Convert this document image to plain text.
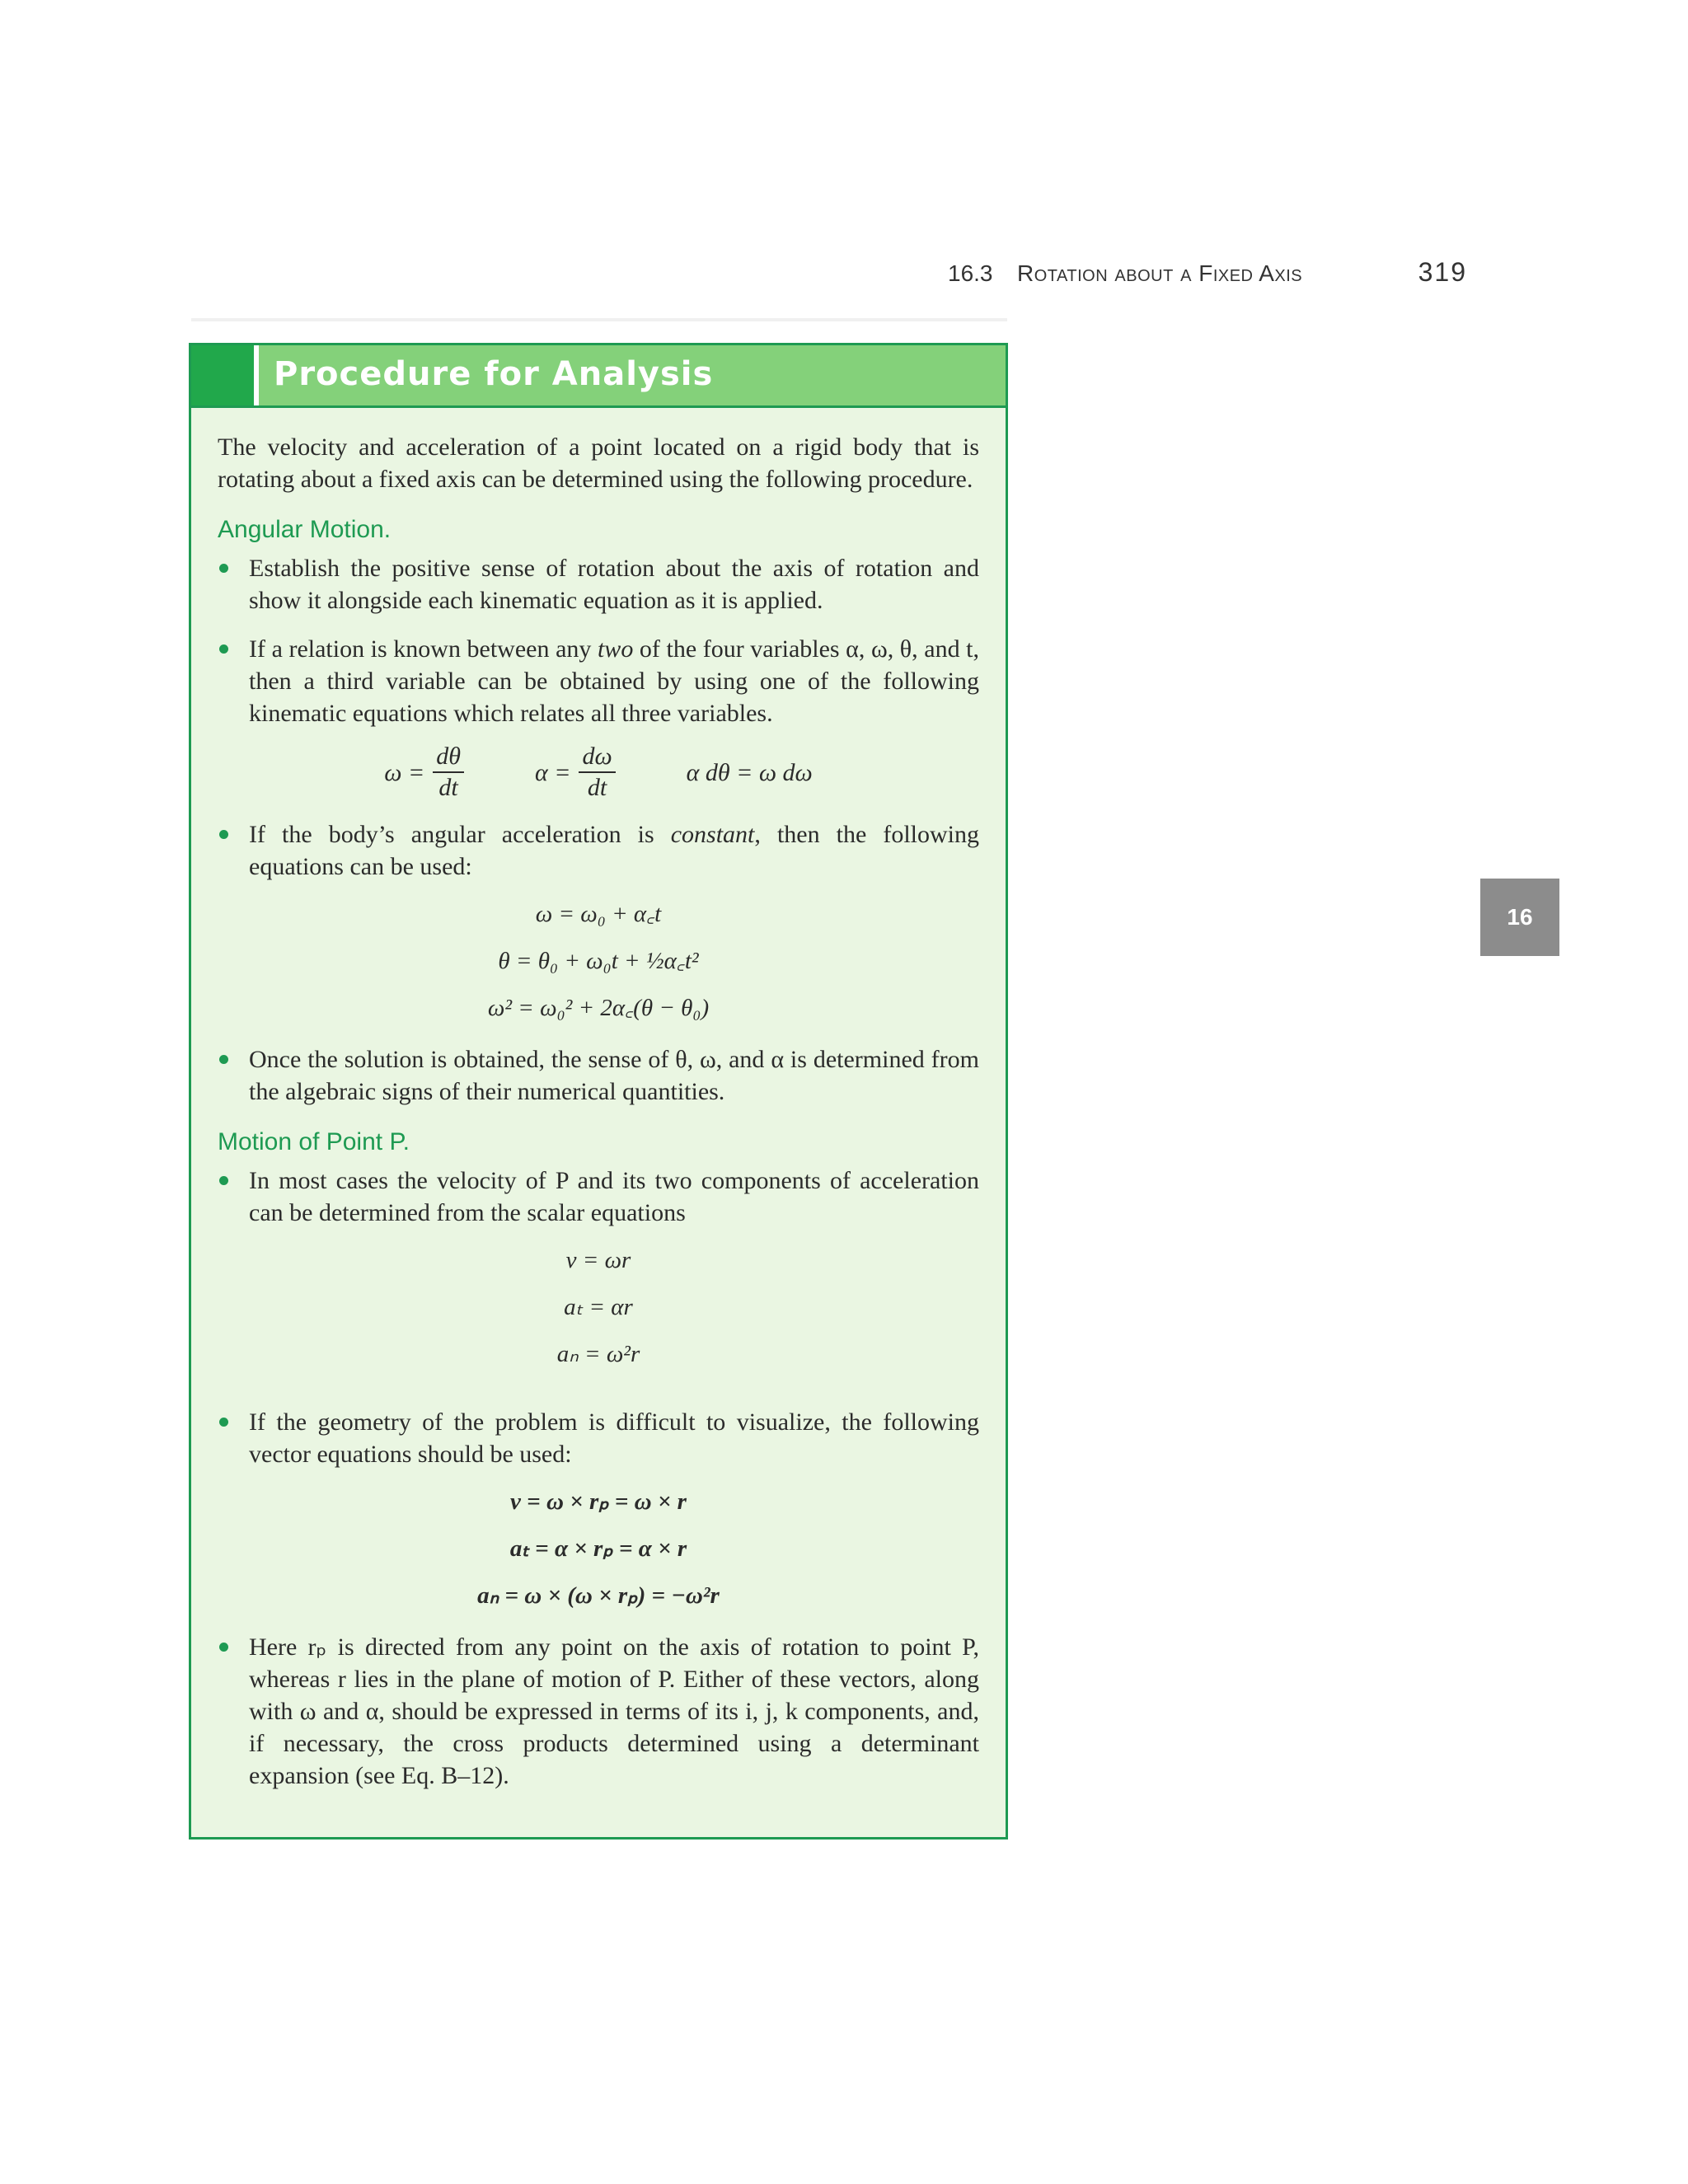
16.3 Rotation about a Fixed Axis	319
16
Procedure for Analysis

The velocity and acceleration of a point located on a rigid body that is rotating about a fixed axis can be determined using the following procedure.

Angular Motion.

Establish the positive sense of rotation about the axis of rotation and show it alongside each kinematic equation as it is applied.

If a relation is known between any two of the four variables α, ω, θ, and t, then a third variable can be obtained by using one of the following kinematic equations which relates all three variables.

$\omega = \frac{d\theta}{dt}$	$\alpha = \frac{d\omega}{dt}$	α dθ = ω dω

If the body’s angular acceleration is constant, then the following equations can be used:

ω = ω₀ + α꜀t
θ = θ₀ + ω₀t + ½α꜀t²
ω² = ω₀² + 2α꜀(θ − θ₀)

Once the solution is obtained, the sense of θ, ω, and α is determined from the algebraic signs of their numerical quantities.

Motion of Point P.

In most cases the velocity of P and its two components of acceleration can be determined from the scalar equations

v = ωr
aₜ = αr
aₙ = ω²r

If the geometry of the problem is difficult to visualize, the following vector equations should be used:

v = ω × rₚ = ω × r
aₜ = α × rₚ = α × r
aₙ = ω × (ω × rₚ) = −ω²r

Here rₚ is directed from any point on the axis of rotation to point P, whereas r lies in the plane of motion of P. Either of these vectors, along with ω and α, should be expressed in terms of its i, j, k components, and, if necessary, the cross products determined using a determinant expansion (see Eq. B–12).
